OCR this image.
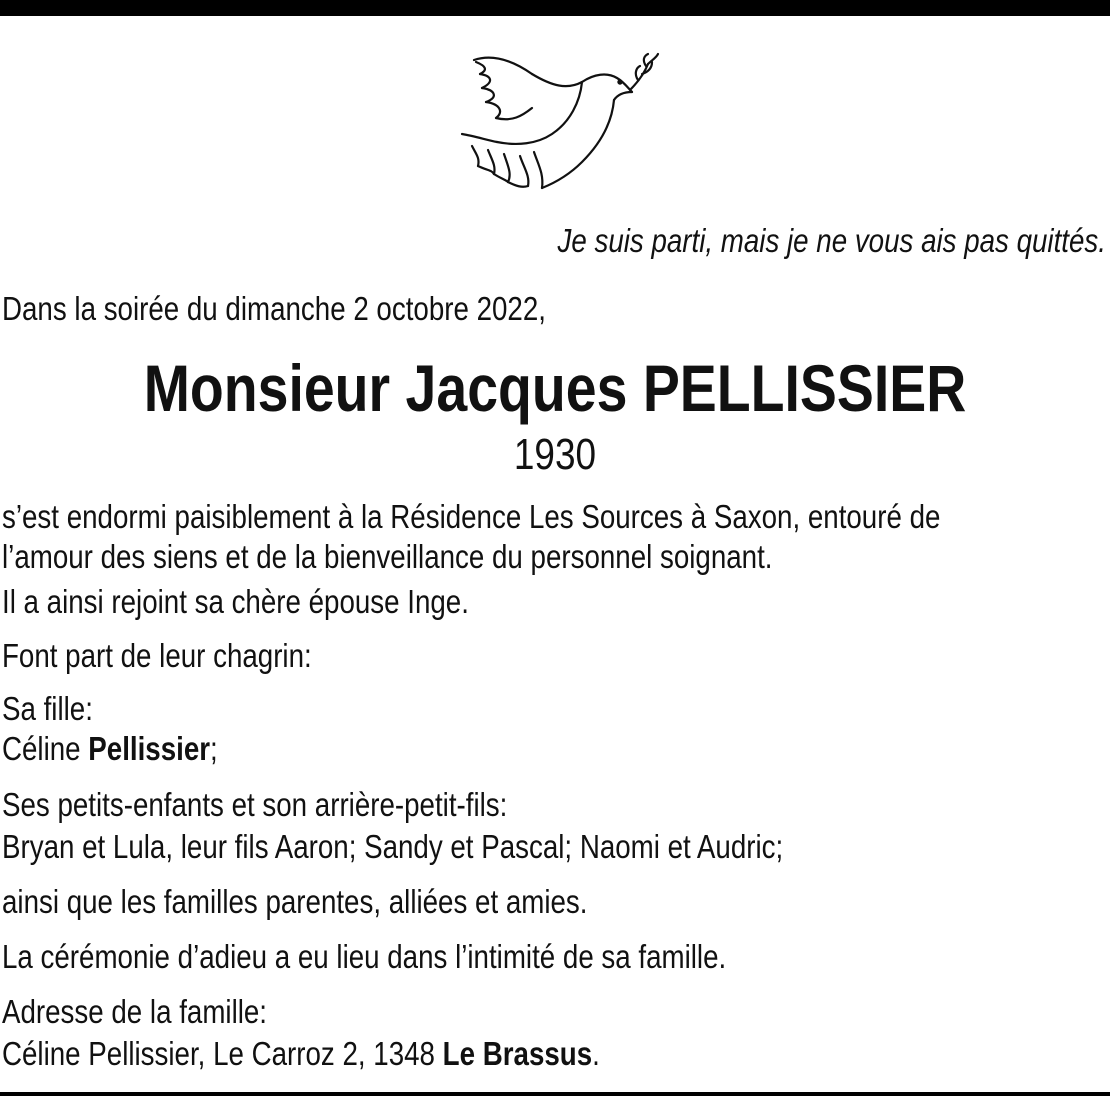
Je suis parti, mais je ne vous ais pas quittés.
Dans la soirée du dimanche 2 octobre 2022,
Monsieur Jacques PELLISSIER
1930
s’est endormi paisiblement à la Résidence Les Sources à Saxon, entouré de
l’amour des siens et de la bienveillance du personnel soignant.
Il a ainsi rejoint sa chère épouse Inge.
Font part de leur chagrin:
Sa fille:
Céline Pellissier;
Ses petits-enfants et son arrière-petit-fils:
Bryan et Lula, leur fils Aaron; Sandy et Pascal; Naomi et Audric;
ainsi que les familles parentes, alliées et amies.
La cérémonie d’adieu a eu lieu dans l’intimité de sa famille.
Adresse de la famille:
Céline Pellissier, Le Carroz 2, 1348 Le Brassus.
